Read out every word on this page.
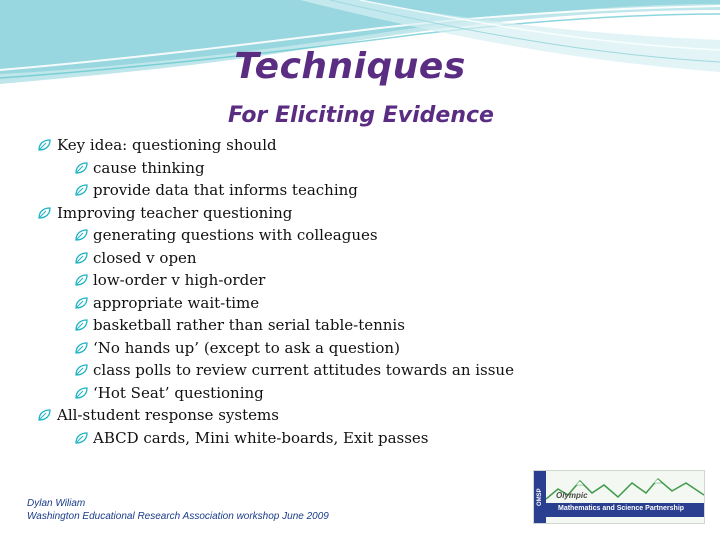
Techniques
For Eliciting Evidence
Key idea: questioning should
cause thinking
provide data that informs teaching
Improving teacher questioning
generating questions with colleagues
closed v open
low-order v high-order
appropriate wait-time
basketball rather than serial table-tennis
‘No hands up’ (except to ask a question)
class polls to review current attitudes towards an issue
‘Hot Seat’ questioning
All-student response systems
ABCD cards, Mini white-boards, Exit passes
Dylan Wiliam
Washington Educational Research Association workshop June 2009
OMSP	Olympic
Mathematics and Science Partnership
